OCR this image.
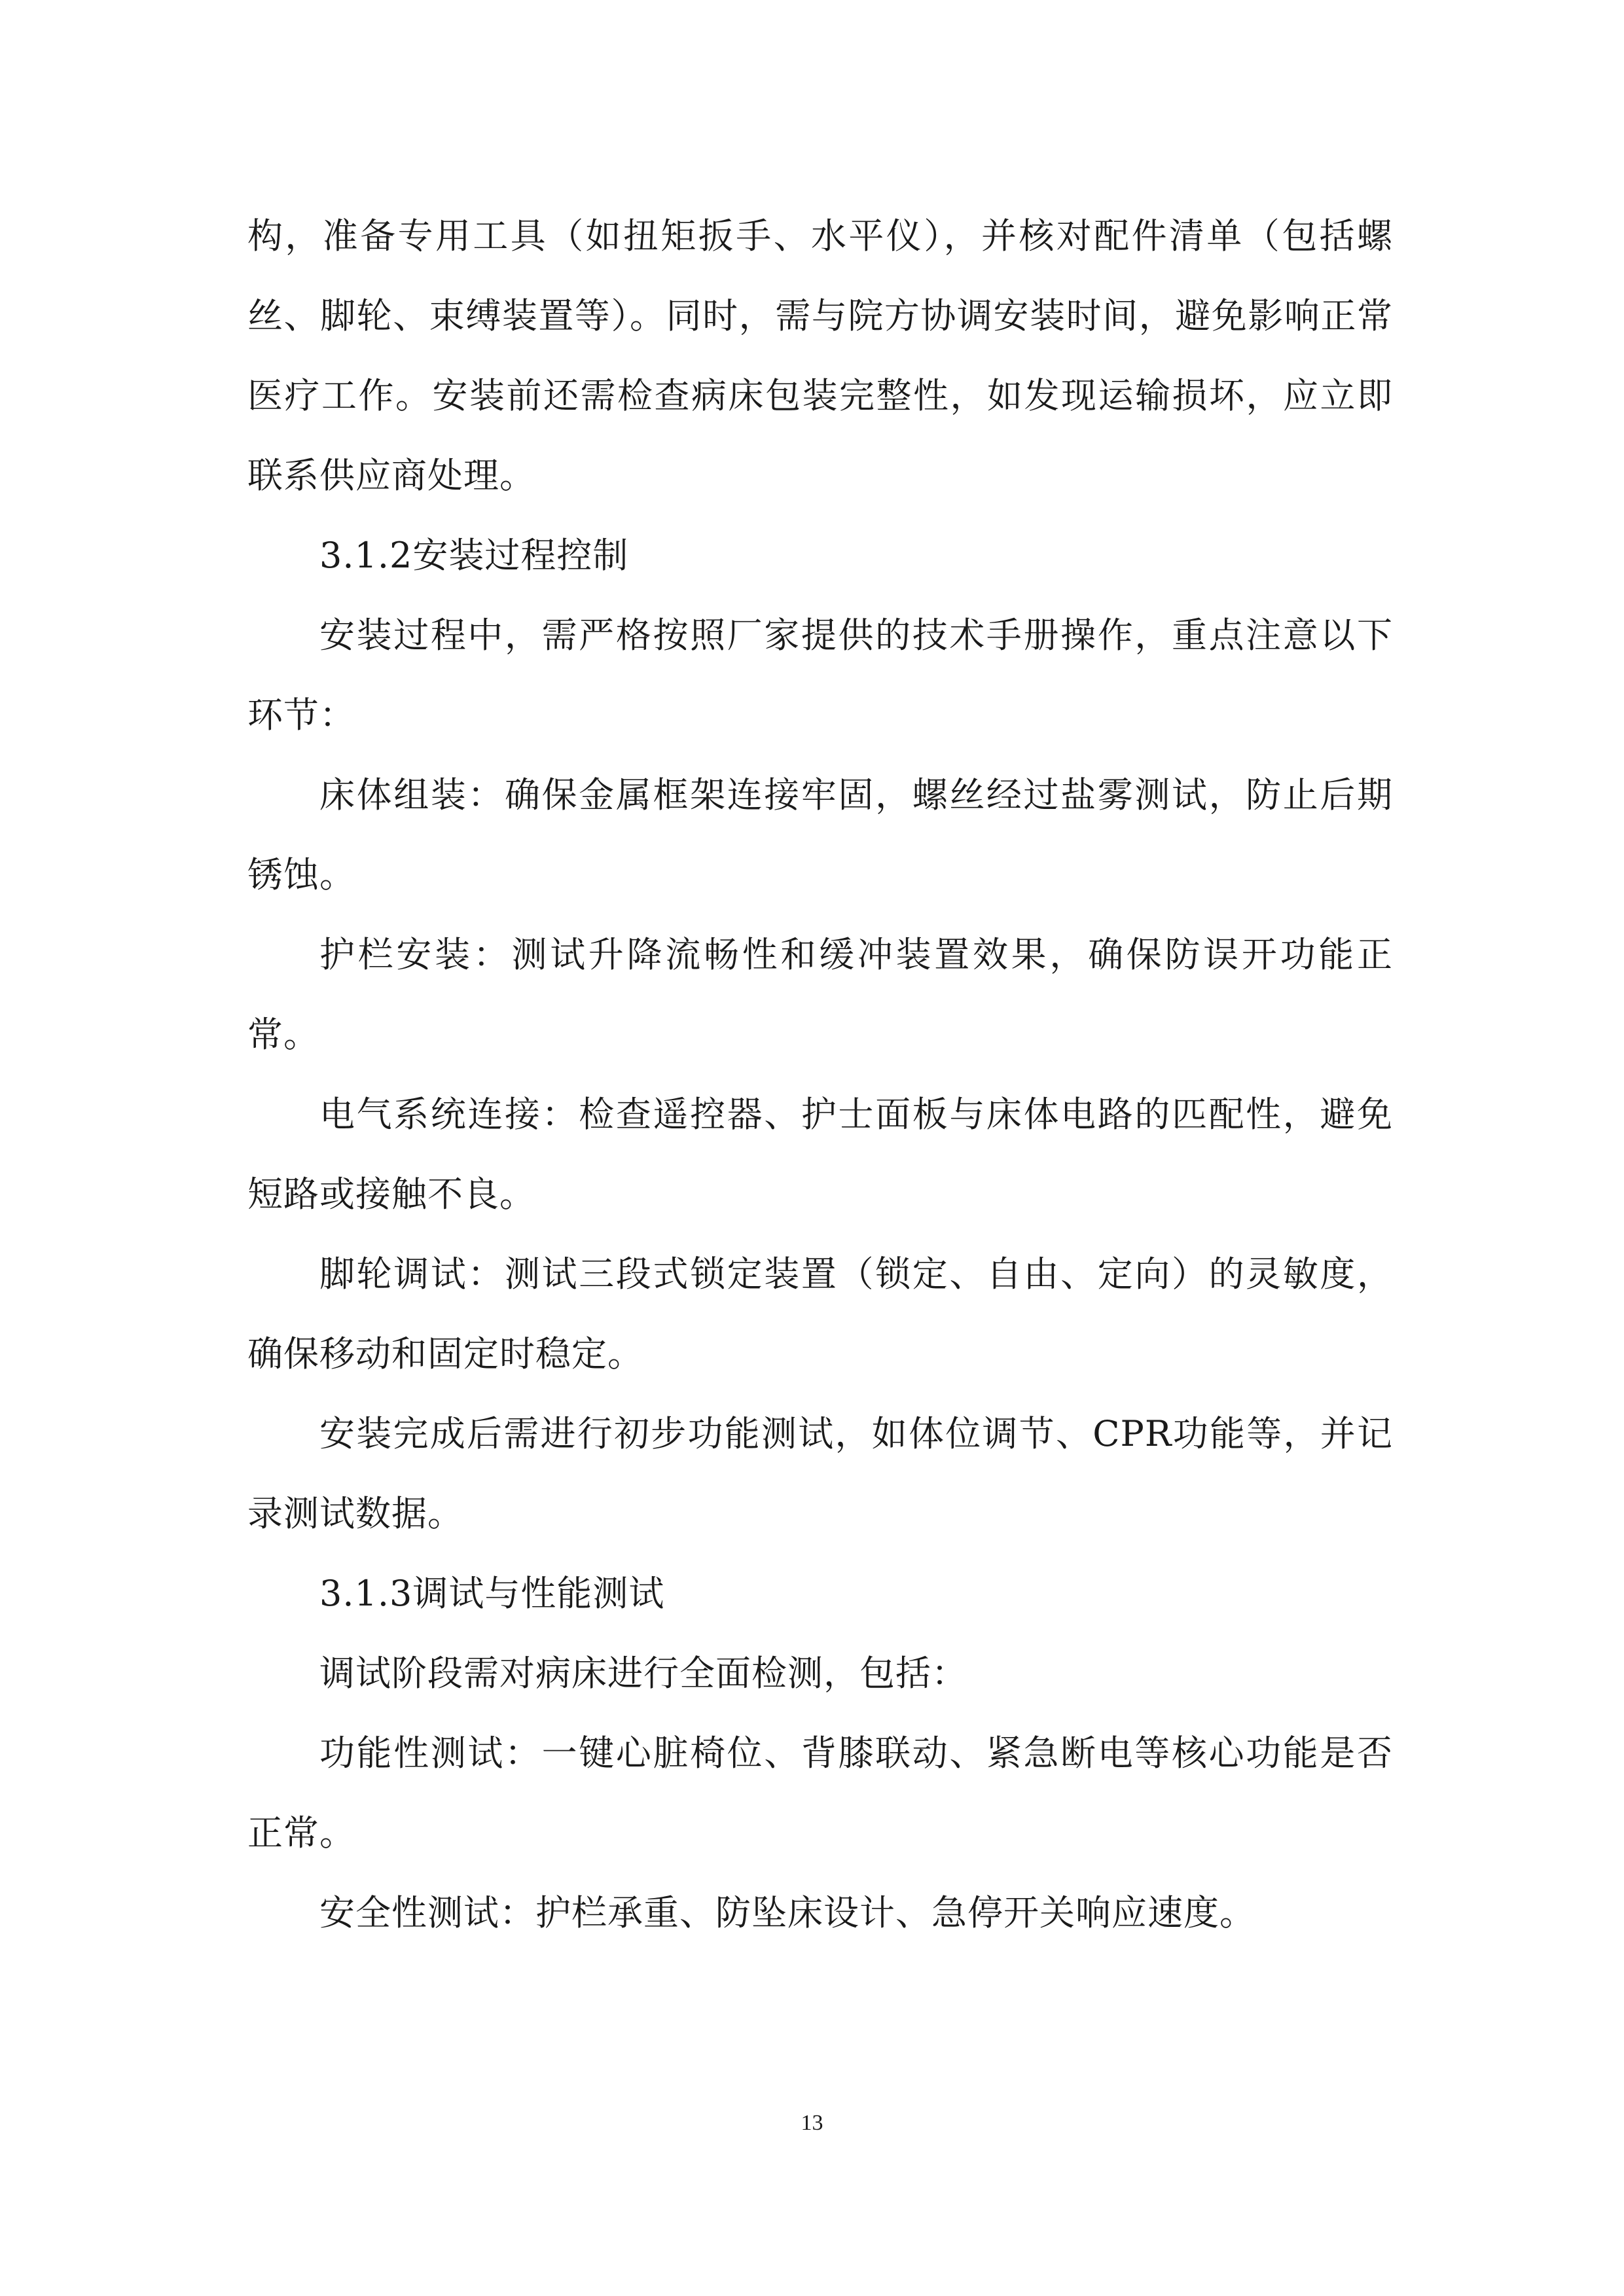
构，准备专用工具（如扭矩扳手、水平仪），并核对配件清单（包括螺丝、脚轮、束缚装置等）。同时，需与院方协调安装时间，避免影响正常医疗工作。安装前还需检查病床包装完整性，如发现运输损坏，应立即联系供应商处理。

3.1.2安装过程控制

安装过程中，需严格按照厂家提供的技术手册操作，重点注意以下环节：

床体组装：确保金属框架连接牢固，螺丝经过盐雾测试，防止后期锈蚀。

护栏安装：测试升降流畅性和缓冲装置效果，确保防误开功能正常。

电气系统连接：检查遥控器、护士面板与床体电路的匹配性，避免短路或接触不良。

脚轮调试：测试三段式锁定装置（锁定、自由、定向）的灵敏度，确保移动和固定时稳定。

安装完成后需进行初步功能测试，如体位调节、CPR功能等，并记录测试数据。

3.1.3调试与性能测试

调试阶段需对病床进行全面检测，包括：

功能性测试：一键心脏椅位、背膝联动、紧急断电等核心功能是否正常。

安全性测试：护栏承重、防坠床设计、急停开关响应速度。

13
